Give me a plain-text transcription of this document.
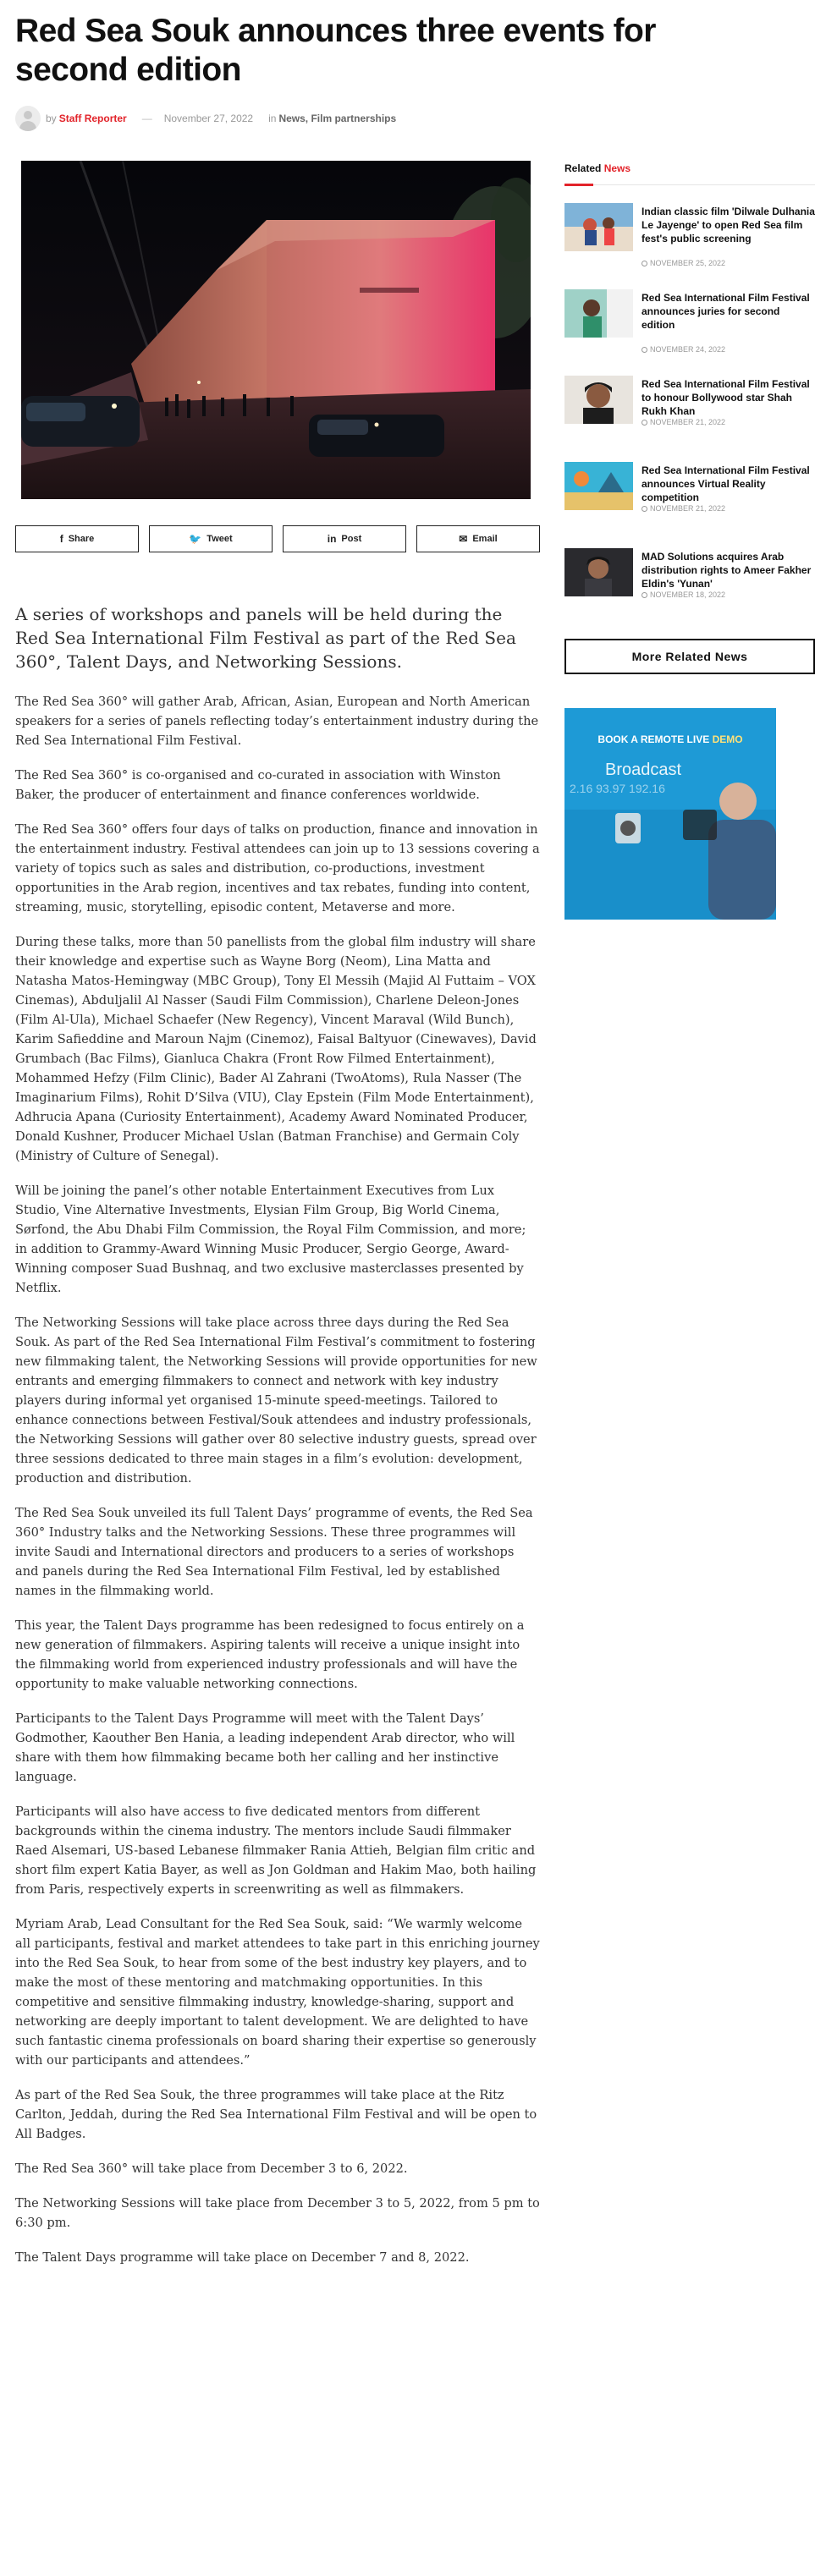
Red Sea Souk announces three events for second edition
by Staff Reporter — November 27, 2022 in News, Film partnerships
f Share	🐦 Tweet	in Post	✉ Email

A series of workshops and panels will be held during the Red Sea International Film Festival as part of the Red Sea 360°, Talent Days, and Networking Sessions.

The Red Sea 360° will gather Arab, African, Asian, European and North American speakers for a series of panels reflecting today’s entertainment industry during the Red Sea International Film Festival.

The Red Sea 360° is co-organised and co-curated in association with Winston Baker, the producer of entertainment and finance conferences worldwide.

The Red Sea 360° offers four days of talks on production, finance and innovation in the entertainment industry. Festival attendees can join up to 13 sessions covering a variety of topics such as sales and distribution, co-productions, investment opportunities in the Arab region, incentives and tax rebates, funding into content, streaming, music, storytelling, episodic content, Metaverse and more.

During these talks, more than 50 panellists from the global film industry will share their knowledge and expertise such as Wayne Borg (Neom), Lina Matta and Natasha Matos-Hemingway (MBC Group), Tony El Messih (Majid Al Futtaim – VOX Cinemas), Abduljalil Al Nasser (Saudi Film Commission), Charlene Deleon-Jones (Film Al-Ula), Michael Schaefer (New Regency), Vincent Maraval (Wild Bunch), Karim Safieddine and Maroun Najm (Cinemoz), Faisal Baltyuor (Cinewaves), David Grumbach (Bac Films), Gianluca Chakra (Front Row Filmed Entertainment), Mohammed Hefzy (Film Clinic), Bader Al Zahrani (TwoAtoms), Rula Nasser (The Imaginarium Films), Rohit D’Silva (VIU), Clay Epstein (Film Mode Entertainment), Adhrucia Apana (Curiosity Entertainment), Academy Award Nominated Producer, Donald Kushner, Producer Michael Uslan (Batman Franchise) and Germain Coly (Ministry of Culture of Senegal).

Will be joining the panel’s other notable Entertainment Executives from Lux Studio, Vine Alternative Investments, Elysian Film Group, Big World Cinema, Sørfond, the Abu Dhabi Film Commission, the Royal Film Commission, and more; in addition to Grammy-Award Winning Music Producer, Sergio George, Award-Winning composer Suad Bushnaq, and two exclusive masterclasses presented by Netflix.

The Networking Sessions will take place across three days during the Red Sea Souk. As part of the Red Sea International Film Festival’s commitment to fostering new filmmaking talent, the Networking Sessions will provide opportunities for new entrants and emerging filmmakers to connect and network with key industry players during informal yet organised 15-minute speed-meetings. Tailored to enhance connections between Festival/Souk attendees and industry professionals, the Networking Sessions will gather over 80 selective industry guests, spread over three sessions dedicated to three main stages in a film’s evolution: development, production and distribution.

The Red Sea Souk unveiled its full Talent Days’ programme of events, the Red Sea 360° Industry talks and the Networking Sessions. These three programmes will invite Saudi and International directors and producers to a series of workshops and panels during the Red Sea International Film Festival, led by established names in the filmmaking world.

This year, the Talent Days programme has been redesigned to focus entirely on a new generation of filmmakers. Aspiring talents will receive a unique insight into the filmmaking world from experienced industry professionals and will have the opportunity to make valuable networking connections.

Participants to the Talent Days Programme will meet with the Talent Days’ Godmother, Kaouther Ben Hania, a leading independent Arab director, who will share with them how filmmaking became both her calling and her instinctive language.

Participants will also have access to five dedicated mentors from different backgrounds within the cinema industry. The mentors include Saudi filmmaker Raed Alsemari, US-based Lebanese filmmaker Rania Attieh, Belgian film critic and short film expert Katia Bayer, as well as Jon Goldman and Hakim Mao, both hailing from Paris, respectively experts in screenwriting as well as filmmakers.

Myriam Arab, Lead Consultant for the Red Sea Souk, said: “We warmly welcome all participants, festival and market attendees to take part in this enriching journey into the Red Sea Souk, to hear from some of the best industry key players, and to make the most of these mentoring and matchmaking opportunities. In this competitive and sensitive filmmaking industry, knowledge-sharing, support and networking are deeply important to talent development. We are delighted to have such fantastic cinema professionals on board sharing their expertise so generously with our participants and attendees.”

As part of the Red Sea Souk, the three programmes will take place at the Ritz Carlton, Jeddah, during the Red Sea International Film Festival and will be open to All Badges.

The Red Sea 360° will take place from December 3 to 6, 2022.

The Networking Sessions will take place from December 3 to 5, 2022, from 5 pm to 6:30 pm.

The Talent Days programme will take place on December 7 and 8, 2022.

Related News
Indian classic film 'Dilwale Dulhania Le Jayenge' to open Red Sea film fest's public screening
NOVEMBER 25, 2022
Red Sea International Film Festival announces juries for second edition
NOVEMBER 24, 2022
Red Sea International Film Festival to honour Bollywood star Shah Rukh Khan
NOVEMBER 21, 2022
Red Sea International Film Festival announces Virtual Reality competition
NOVEMBER 21, 2022
MAD Solutions acquires Arab distribution rights to Ameer Fakher Eldin's 'Yunan'
NOVEMBER 18, 2022
More Related News
2.16 93.97 192.16
BOOK A REMOTE LIVE DEMO
Broadcast
